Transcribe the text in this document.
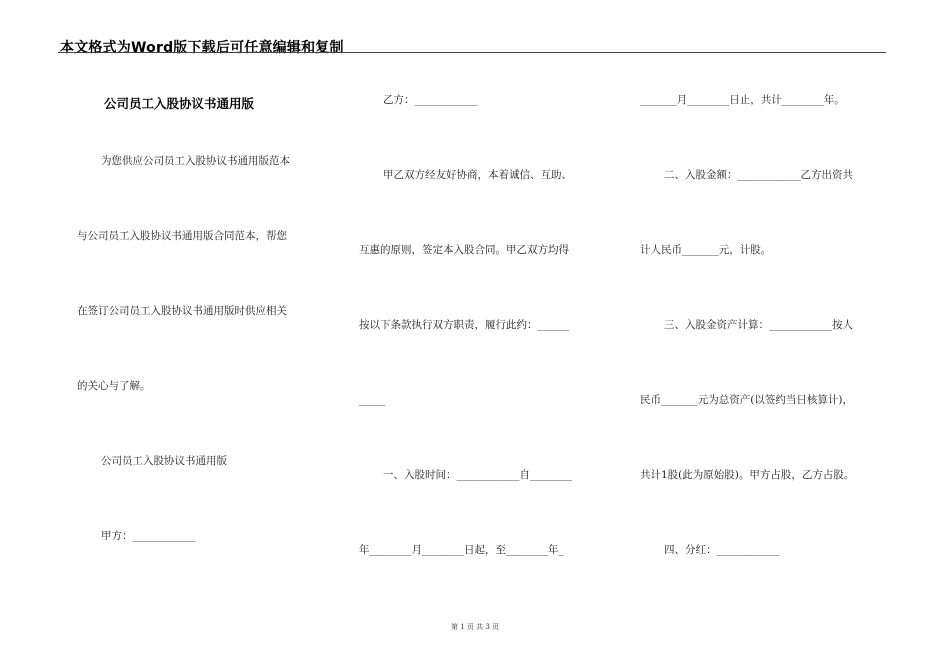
本文格式为Word版下载后可任意编辑和复制
公司员工入股协议书通用版
为您供应公司员工入股协议书通用版范本
与公司员工入股协议书通用版合同范本，帮您
在签订公司员工入股协议书通用版时供应相关
的关心与了解。
公司员工入股协议书通用版
甲方：____________
乙方：____________
甲乙双方经友好协商，本着诚信、互助、
互惠的原则，签定本入股合同。甲乙双方均得
按以下条款执行双方职责，履行此约：______
_____
一、入股时间：____________自________
年________月________日起，至________年_
_______月________日止，共计________年。
二、入股金额：____________乙方出资共
计人民币_______元，计股。
三、入股金资产计算：____________按人
民币_______元为总资产(以签约当日核算计)，
共计1股(此为原始股)。甲方占股，乙方占股。
四、分红：____________
第 1 页 共 3 页
